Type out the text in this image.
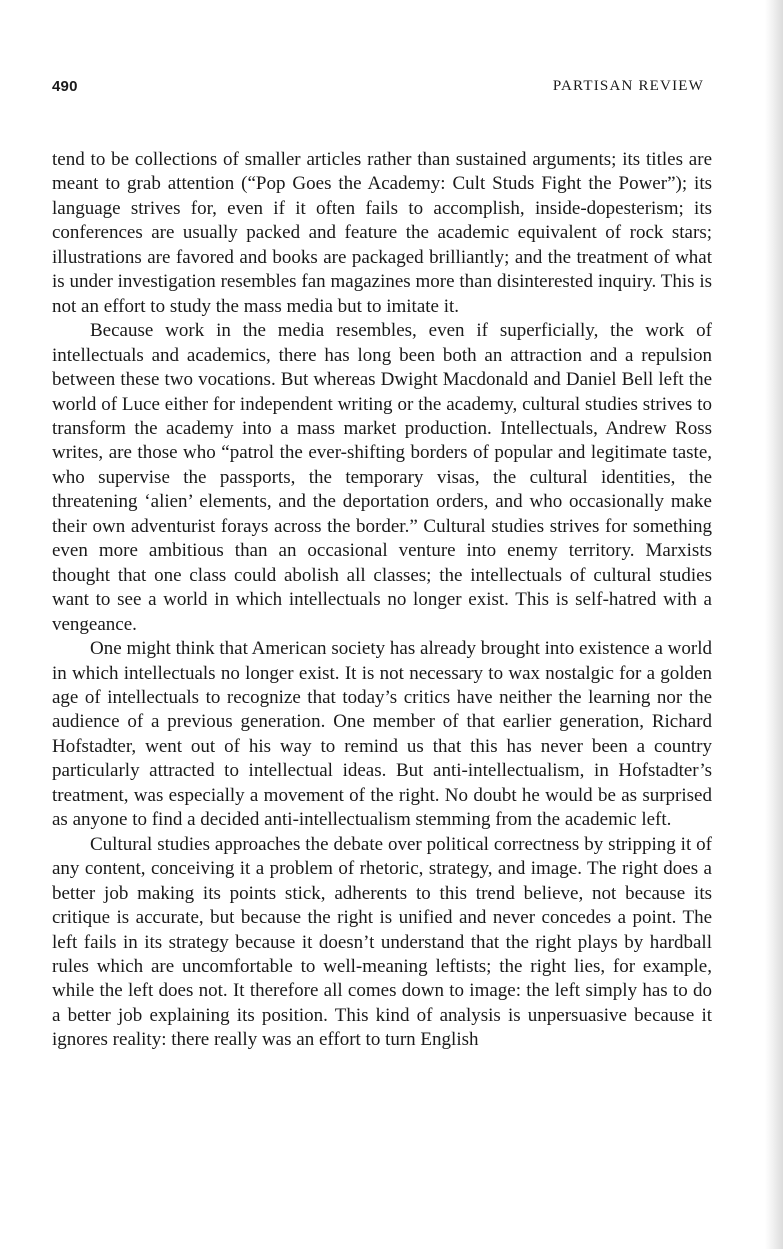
490	PARTISAN REVIEW

tend to be collections of smaller articles rather than sustained arguments; its titles are meant to grab attention (“Pop Goes the Academy: Cult Studs Fight the Power”); its language strives for, even if it often fails to accomplish, inside-dopesterism; its conferences are usually packed and feature the academic equivalent of rock stars; illustrations are favored and books are packaged brilliantly; and the treatment of what is under investigation resembles fan magazines more than disinterested inquiry. This is not an effort to study the mass media but to imitate it.

Because work in the media resembles, even if superficially, the work of intellectuals and academics, there has long been both an attraction and a repulsion between these two vocations. But whereas Dwight Macdonald and Daniel Bell left the world of Luce either for independent writing or the academy, cultural studies strives to transform the academy into a mass market production. Intellectuals, Andrew Ross writes, are those who “patrol the ever-shifting borders of popular and legitimate taste, who supervise the passports, the temporary visas, the cultural identities, the threatening ‘alien’ elements, and the deportation orders, and who occasionally make their own adventurist forays across the border.” Cultural studies strives for something even more ambitious than an occasional venture into enemy territory. Marxists thought that one class could abolish all classes; the intellectuals of cultural studies want to see a world in which intellectuals no longer exist. This is self-hatred with a vengeance.

One might think that American society has already brought into existence a world in which intellectuals no longer exist. It is not necessary to wax nostalgic for a golden age of intellectuals to recognize that today’s critics have neither the learning nor the audience of a previous generation. One member of that earlier generation, Richard Hofstadter, went out of his way to remind us that this has never been a country particularly attracted to intellectual ideas. But anti-intellectualism, in Hofstadter’s treatment, was especially a movement of the right. No doubt he would be as surprised as anyone to find a decided anti-intellectualism stemming from the academic left.

Cultural studies approaches the debate over political correctness by stripping it of any content, conceiving it a problem of rhetoric, strategy, and image. The right does a better job making its points stick, adherents to this trend believe, not because its critique is accurate, but because the right is unified and never concedes a point. The left fails in its strategy because it doesn’t understand that the right plays by hardball rules which are uncomfortable to well-meaning leftists; the right lies, for example, while the left does not. It therefore all comes down to image: the left simply has to do a better job explaining its position. This kind of analysis is unpersuasive because it ignores reality: there really was an effort to turn English
